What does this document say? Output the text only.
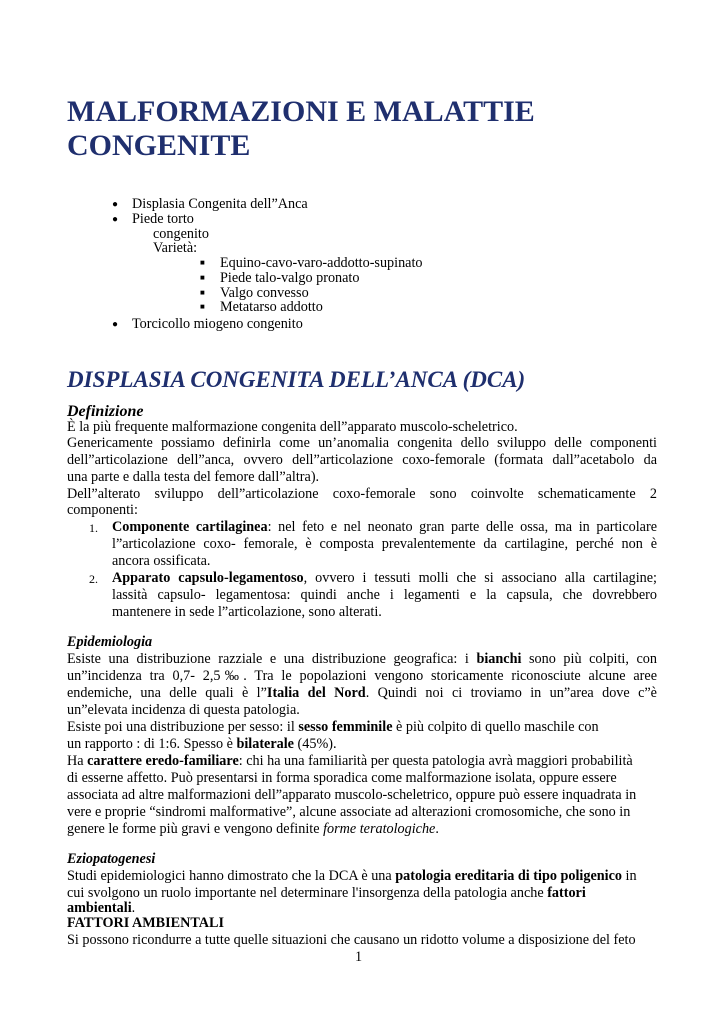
MALFORMAZIONI E MALATTIE
CONGENITE
● Displasia Congenita dell”Anca
● Piede torto
congenito
Varietà:
■ Equino-cavo-varo-addotto-supinato
■ Piede talo-valgo pronato
■ Valgo convesso
■ Metatarso addotto
● Torcicollo miogeno congenito
DISPLASIA CONGENITA DELL’ANCA (DCA)
Definizione
È la più frequente malformazione congenita dell”apparato muscolo-scheletrico.
Genericamente possiamo definirla come un’anomalia congenita dello sviluppo delle componenti
dell”articolazione dell”anca, ovvero dell”articolazione coxo-femorale (formata dall”acetabolo da
una parte e dalla testa del femore dall”altra).
Dell”alterato sviluppo dell”articolazione coxo-femorale sono coinvolte schematicamente 2
componenti:
1. Componente cartilaginea: nel feto e nel neonato gran parte delle ossa, ma in particolare
l”articolazione coxo- femorale, è composta prevalentemente da cartilagine, perché non è
ancora ossificata.
2. Apparato capsulo-legamentoso, ovvero i tessuti molli che si associano alla cartilagine;
lassità capsulo- legamentosa: quindi anche i legamenti e la capsula, che dovrebbero
mantenere in sede l”articolazione, sono alterati.
Epidemiologia
Esiste una distribuzione razziale e una distribuzione geografica: i bianchi sono più colpiti, con
un”incidenza tra 0,7- 2,5‰. Tra le popolazioni vengono storicamente riconosciute alcune aree
endemiche, una delle quali è l”Italia del Nord. Quindi noi ci troviamo in un”area dove c”è
un”elevata incidenza di questa patologia.
Esiste poi una distribuzione per sesso: il sesso femminile è più colpito di quello maschile con
un rapporto : di 1:6. Spesso è bilaterale (45%).
Ha carattere eredo-familiare: chi ha una familiarità per questa patologia avrà maggiori probabilità
di esserne affetto. Può presentarsi in forma sporadica come malformazione isolata, oppure essere
associata ad altre malformazioni dell”apparato muscolo-scheletrico, oppure può essere inquadrata in
vere e proprie “sindromi malformative”, alcune associate ad alterazioni cromosomiche, che sono in
genere le forme più gravi e vengono definite forme teratologiche.
Eziopatogenesi
Studi epidemiologici hanno dimostrato che la DCA è una patologia ereditaria di tipo poligenico in
cui svolgono un ruolo importante nel determinare l'insorgenza della patologia anche fattori
ambientali.
FATTORI AMBIENTALI
Si possono ricondurre a tutte quelle situazioni che causano un ridotto volume a disposizione del feto
1
